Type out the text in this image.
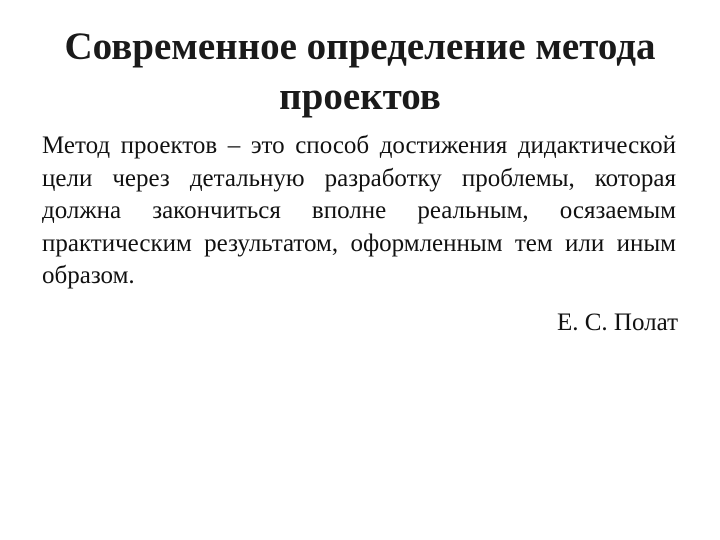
Современное определение метода
проектов

Метод проектов – это способ достижения дидактической цели через детальную разработку проблемы, которая должна закончиться вполне реальным, осязаемым практическим результатом, оформленным тем или иным образом.

Е. С. Полат
